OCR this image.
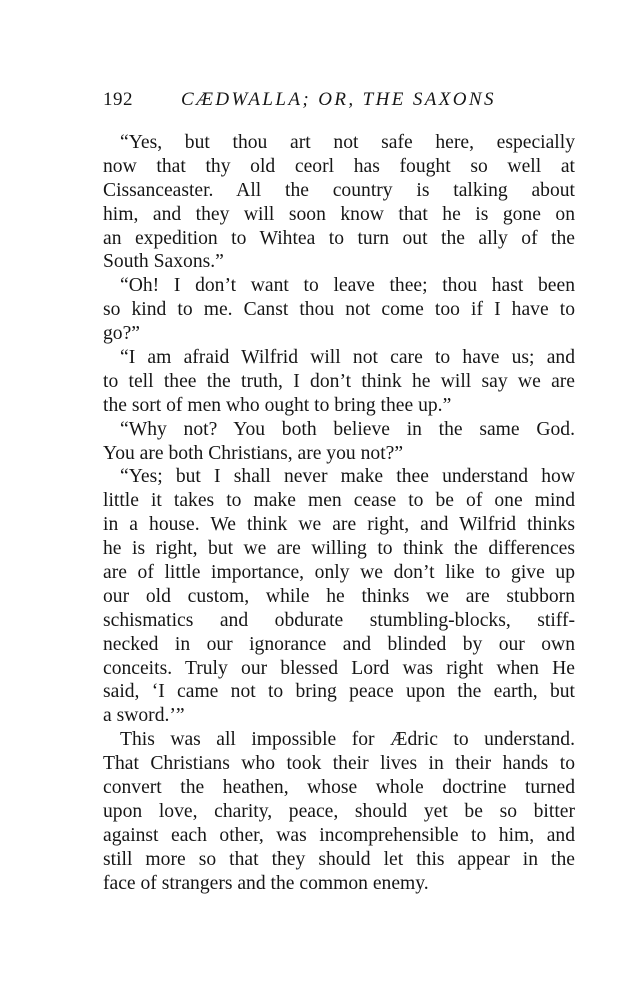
192	CÆDWALLA; OR, THE SAXONS
“Yes, but thou art not safe here, especially
now that thy old ceorl has fought so well at
Cissanceaster. All the country is talking about
him, and they will soon know that he is gone on
an expedition to Wihtea to turn out the ally of the
South Saxons.”
“Oh! I don’t want to leave thee; thou hast been
so kind to me. Canst thou not come too if I have to
go?”
“I am afraid Wilfrid will not care to have us; and
to tell thee the truth, I don’t think he will say we are
the sort of men who ought to bring thee up.”
“Why not? You both believe in the same God.
You are both Christians, are you not?”
“Yes; but I shall never make thee understand how
little it takes to make men cease to be of one mind
in a house. We think we are right, and Wilfrid thinks
he is right, but we are willing to think the differences
are of little importance, only we don’t like to give up
our old custom, while he thinks we are stubborn
schismatics and obdurate stumbling-blocks, stiff-
necked in our ignorance and blinded by our own
conceits. Truly our blessed Lord was right when He
said, ‘I came not to bring peace upon the earth, but
a sword.’”
This was all impossible for Ædric to understand.
That Christians who took their lives in their hands to
convert the heathen, whose whole doctrine turned
upon love, charity, peace, should yet be so bitter
against each other, was incomprehensible to him, and
still more so that they should let this appear in the
face of strangers and the common enemy.
